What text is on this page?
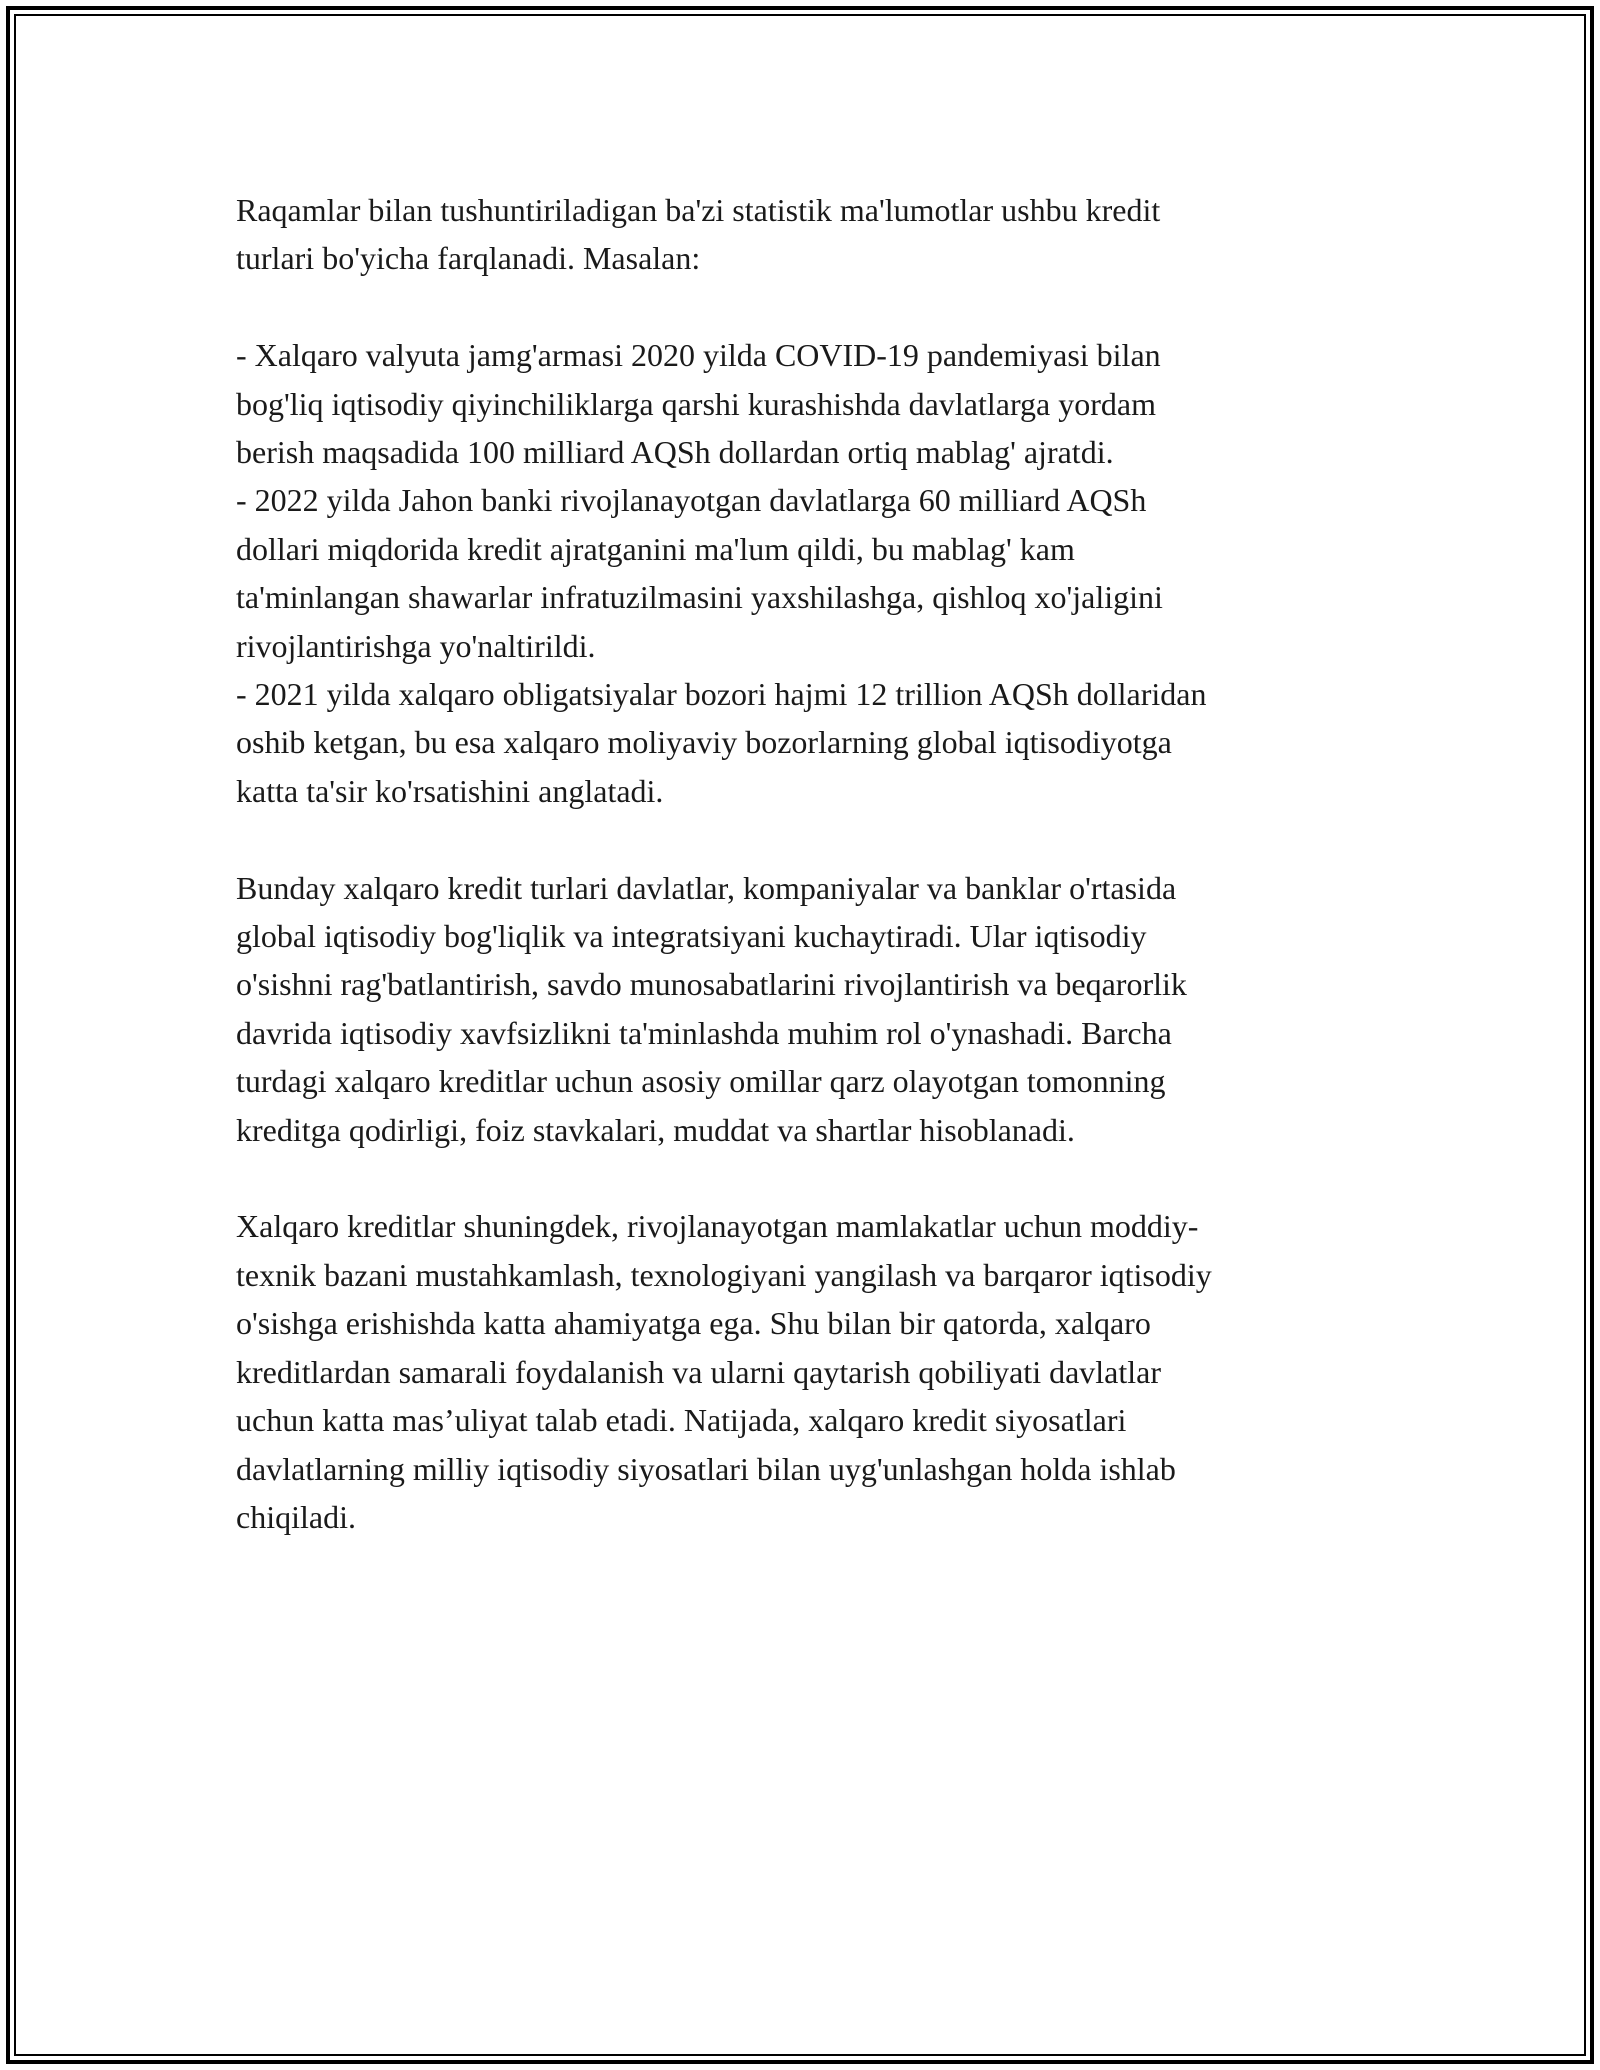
Raqamlar bilan tushuntiriladigan ba'zi statistik ma'lumotlar ushbu kredit

turlari bo'yicha farqlanadi. Masalan:

- Xalqaro valyuta jamg'armasi 2020 yilda COVID-19 pandemiyasi bilan

bog'liq iqtisodiy qiyinchiliklarga qarshi kurashishda davlatlarga yordam

berish maqsadida 100 milliard AQSh dollardan ortiq mablag' ajratdi.

- 2022 yilda Jahon banki rivojlanayotgan davlatlarga 60 milliard AQSh

dollari miqdorida kredit ajratganini ma'lum qildi, bu mablag' kam

ta'minlangan shawarlar infratuzilmasini yaxshilashga, qishloq xo'jaligini

rivojlantirishga yo'naltirildi.

- 2021 yilda xalqaro obligatsiyalar bozori hajmi 12 trillion AQSh dollaridan

oshib ketgan, bu esa xalqaro moliyaviy bozorlarning global iqtisodiyotga

katta ta'sir ko'rsatishini anglatadi.

Bunday xalqaro kredit turlari davlatlar, kompaniyalar va banklar o'rtasida

global iqtisodiy bog'liqlik va integratsiyani kuchaytiradi. Ular iqtisodiy

o'sishni rag'batlantirish, savdo munosabatlarini rivojlantirish va beqarorlik

davrida iqtisodiy xavfsizlikni ta'minlashda muhim rol o'ynashadi. Barcha

turdagi xalqaro kreditlar uchun asosiy omillar qarz olayotgan tomonning

kreditga qodirligi, foiz stavkalari, muddat va shartlar hisoblanadi.

Xalqaro kreditlar shuningdek, rivojlanayotgan mamlakatlar uchun moddiy-

texnik bazani mustahkamlash, texnologiyani yangilash va barqaror iqtisodiy

o'sishga erishishda katta ahamiyatga ega. Shu bilan bir qatorda, xalqaro

kreditlardan samarali foydalanish va ularni qaytarish qobiliyati davlatlar

uchun katta mas’uliyat talab etadi. Natijada, xalqaro kredit siyosatlari

davlatlarning milliy iqtisodiy siyosatlari bilan uyg'unlashgan holda ishlab

chiqiladi.
